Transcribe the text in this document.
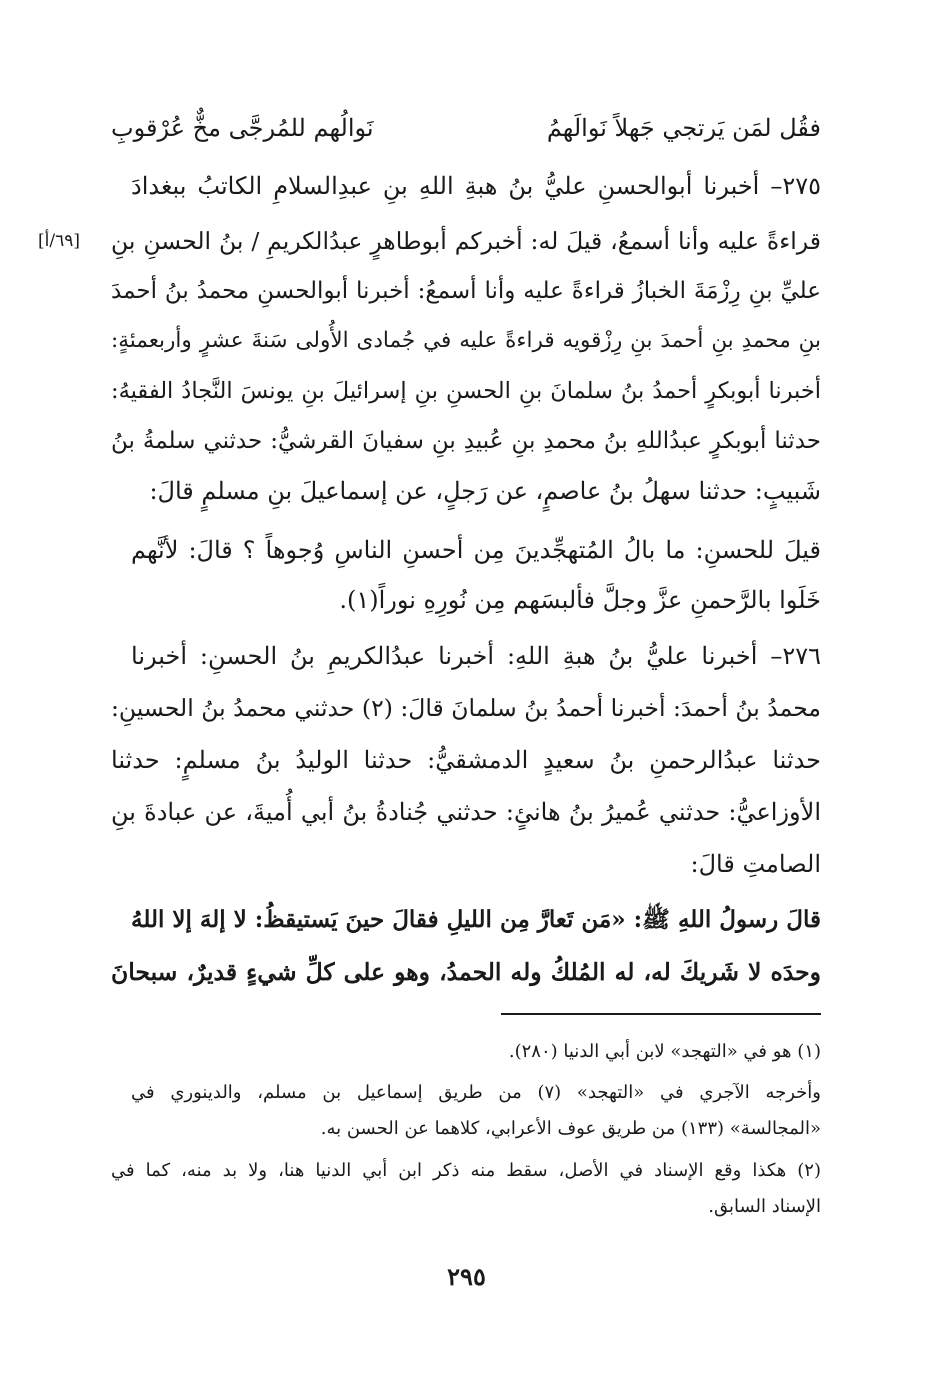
فقُل لمَن يَرتجي جَهلاً نَوالَهمُ
نَوالُهم للمُرجَّى مخٌّ عُرْقوبِ
[٦٩/أ]
٢٧٥– أخبرنا أبوالحسنِ عليُّ بنُ هبةِ اللهِ بنِ عبدِالسلامِ الكاتبُ ببغدادَ
قراءةً عليه وأنا أسمعُ، قيلَ له: أخبركم أبوطاهرٍ عبدُالكريمِ / بنُ الحسنِ بنِ
عليِّ بنِ رِزْمَةَ الخبازُ قراءةً عليه وأنا أسمعُ: أخبرنا أبوالحسنِ محمدُ بنُ أحمدَ
بنِ محمدِ بنِ أحمدَ بنِ رِزْقويه قراءةً عليه في جُمادى الأُولى سَنةَ عشرٍ وأربعمئةٍ:
أخبرنا أبوبكرٍ أحمدُ بنُ سلمانَ بنِ الحسنِ بنِ إسرائيلَ بنِ يونسَ النَّجادُ الفقيهُ:
حدثنا أبوبكرٍ عبدُاللهِ بنُ محمدِ بنِ عُبيدِ بنِ سفيانَ القرشيُّ: حدثني سلمةُ بنُ
شَبيبٍ: حدثنا سهلُ بنُ عاصمٍ، عن رَجلٍ، عن إسماعيلَ بنِ مسلمٍ قالَ:
قيلَ للحسنِ: ما بالُ المُتهجِّدينَ مِن أحسنِ الناسِ وُجوهاً ؟ قالَ: لأنَّهم
خَلَوا بالرَّحمنِ عزَّ وجلَّ فألبسَهم مِن نُورِهِ نوراً(١).
٢٧٦– أخبرنا عليُّ بنُ هبةِ اللهِ: أخبرنا عبدُالكريمِ بنُ الحسنِ: أخبرنا
محمدُ بنُ أحمدَ: أخبرنا أحمدُ بنُ سلمانَ قالَ: (٢) حدثني محمدُ بنُ الحسينِ:
حدثنا عبدُالرحمنِ بنُ سعيدٍ الدمشقيُّ: حدثنا الوليدُ بنُ مسلمٍ: حدثنا
الأوزاعيُّ: حدثني عُميرُ بنُ هانئٍ: حدثني جُنادةُ بنُ أبي أُميةَ، عن عبادةَ بنِ
الصامتِ قالَ:
قالَ رسولُ اللهِ ﷺ: «مَن تَعارَّ مِن الليلِ فقالَ حينَ يَستيقظُ: لا إلهَ إلا اللهُ
وحدَه لا شَريكَ له، له المُلكُ وله الحمدُ، وهو على كلِّ شيءٍ قديرٌ، سبحانَ
(١) هو في «التهجد» لابن أبي الدنيا (٢٨٠).
وأخرجه الآجري في «التهجد» (٧) من طريق إسماعيل بن مسلم، والدينوري في
«المجالسة» (١٣٣) من طريق عوف الأعرابي، كلاهما عن الحسن به.
(٢) هكذا وقع الإسناد في الأصل، سقط منه ذكر ابن أبي الدنيا هنا، ولا بد منه، كما في
الإسناد السابق.
٢٩٥
